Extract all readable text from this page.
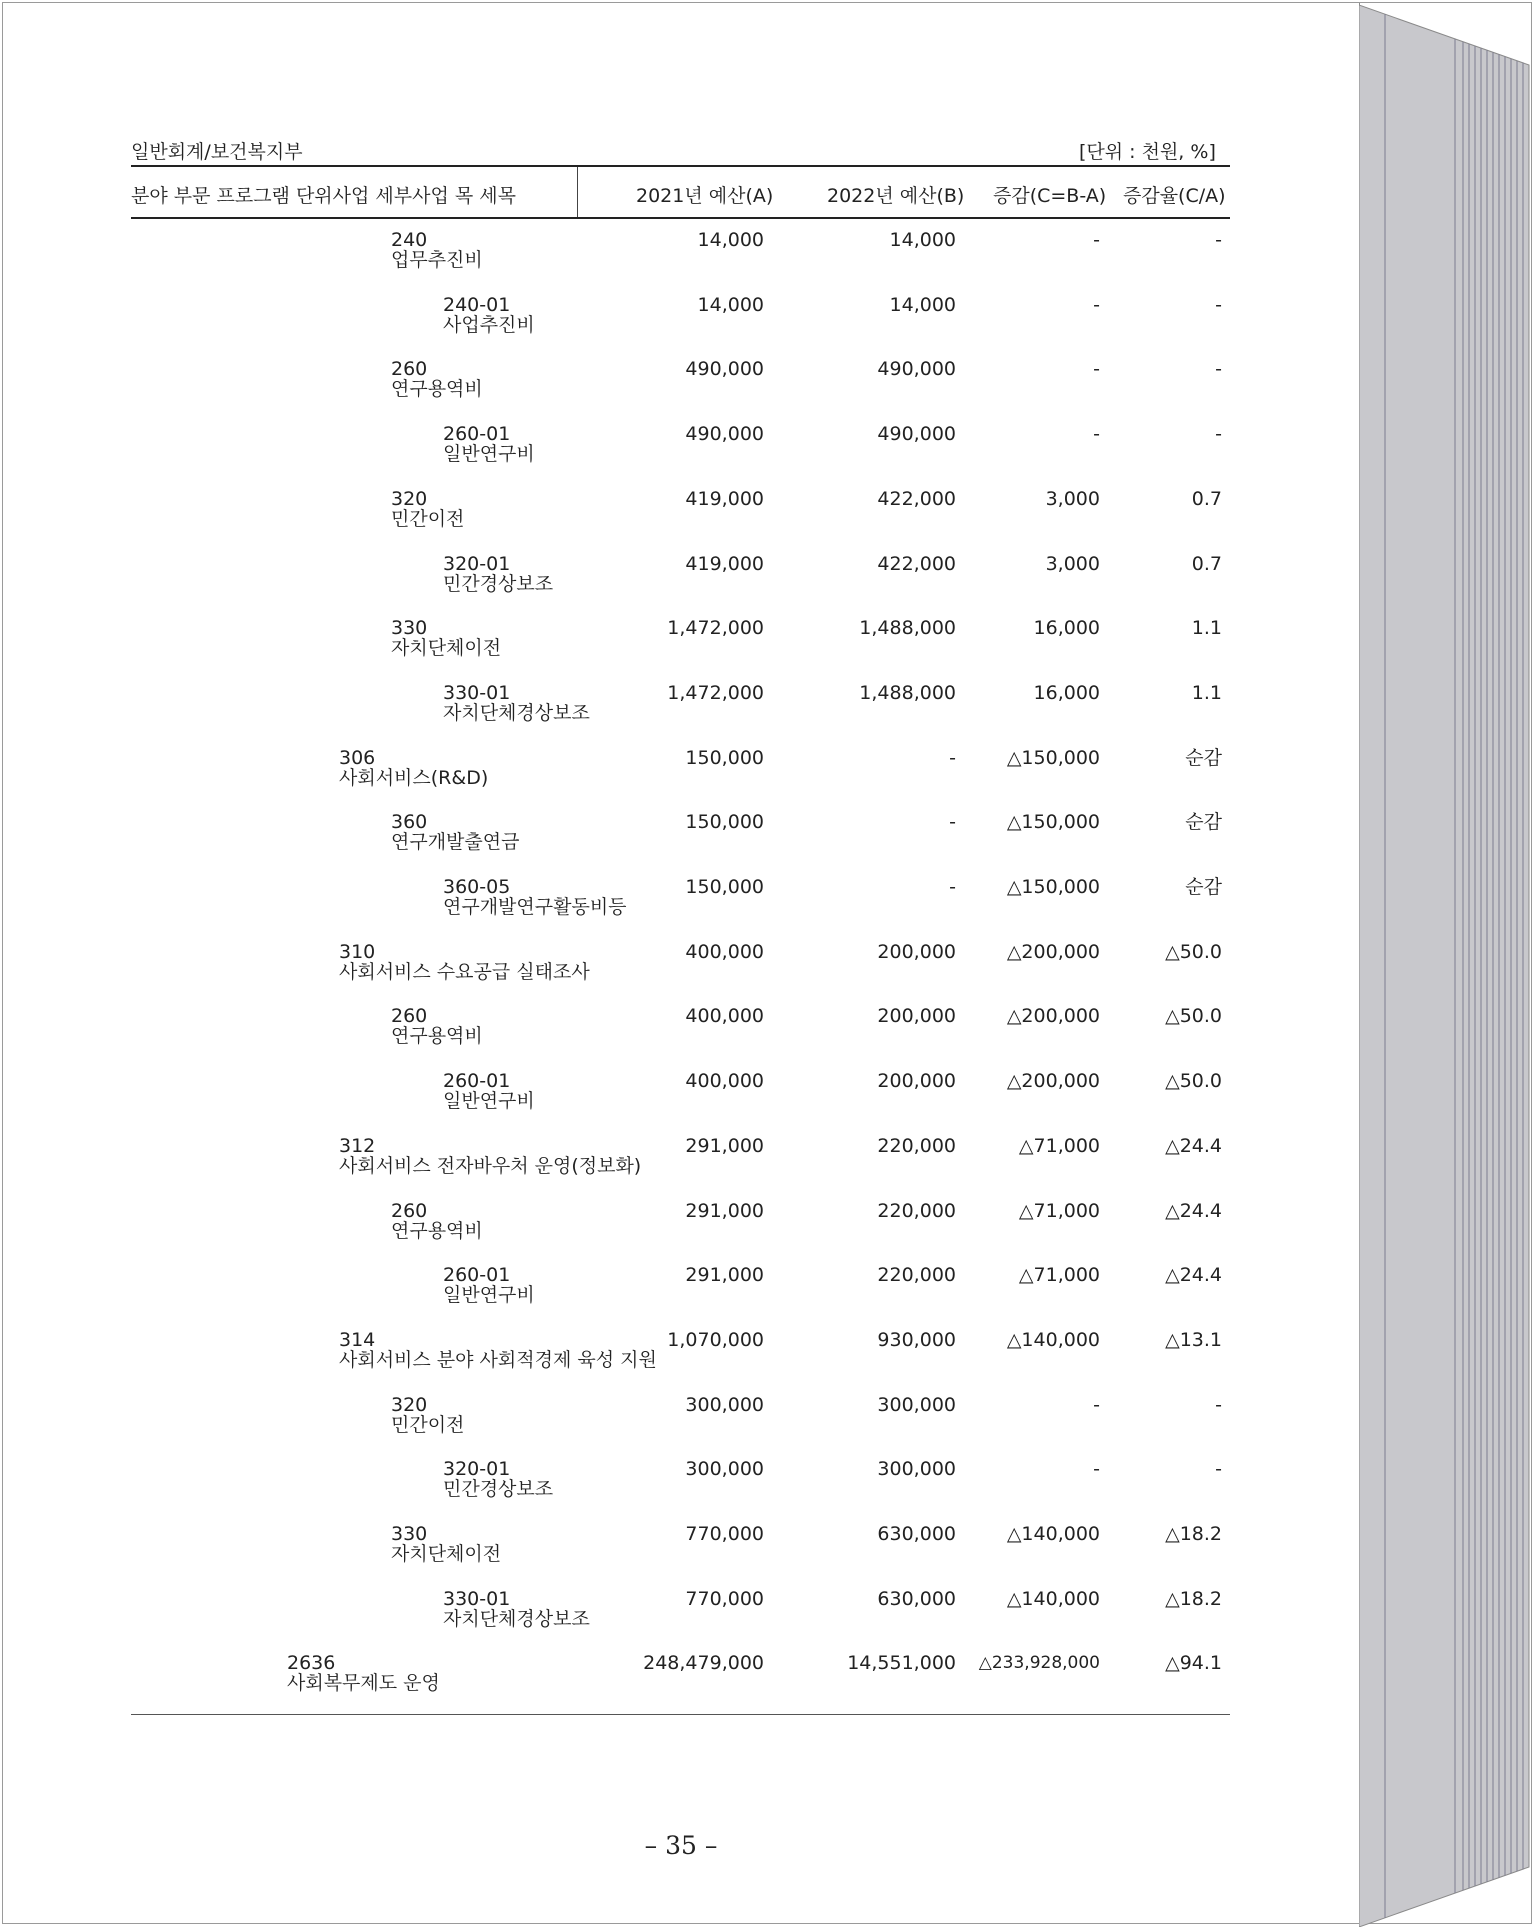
일반회계/보건복지부	[단위 : 천원, %]
분야 부문 프로그램 단위사업 세부사업 목 세목	2021년 예산(A)	2022년 예산(B) 증감(C=B-A) 증감율(C/A)
240
업무추진비
14,000	14,000	-	-
240-01
사업추진비
14,000	14,000	-	-
260
연구용역비
490,000	490,000	-	-
260-01
일반연구비
490,000	490,000	-	-
320
민간이전
419,000	422,000	3,000	0.7
320-01
민간경상보조
419,000	422,000	3,000	0.7
330
자치단체이전
1,472,000	1,488,000	16,000	1.1
330-01
자치단체경상보조
1,472,000	1,488,000	16,000	1.1
306
사회서비스(R&D)
150,000	-	△150,000	순감
360
연구개발출연금
150,000	-	△150,000	순감
360-05
연구개발연구활동비등
150,000	-	△150,000	순감
310
사회서비스 수요공급 실태조사
400,000	200,000	△200,000	△50.0
260
연구용역비
400,000	200,000	△200,000	△50.0
260-01
일반연구비
400,000	200,000	△200,000	△50.0
312
사회서비스 전자바우처 운영(정보화)
291,000	220,000	△71,000	△24.4
260
연구용역비
291,000	220,000	△71,000	△24.4
260-01
일반연구비
291,000	220,000	△71,000	△24.4
314
사회서비스 분야 사회적경제 육성 지원
1,070,000	930,000	△140,000	△13.1
320
민간이전
300,000	300,000	-	-
320-01
민간경상보조
300,000	300,000	-	-
330
자치단체이전
770,000	630,000	△140,000	△18.2
330-01
자치단체경상보조
770,000	630,000	△140,000	△18.2
2636
사회복무제도 운영
248,479,000	14,551,000 △233,928,000	△94.1
– 35 –
